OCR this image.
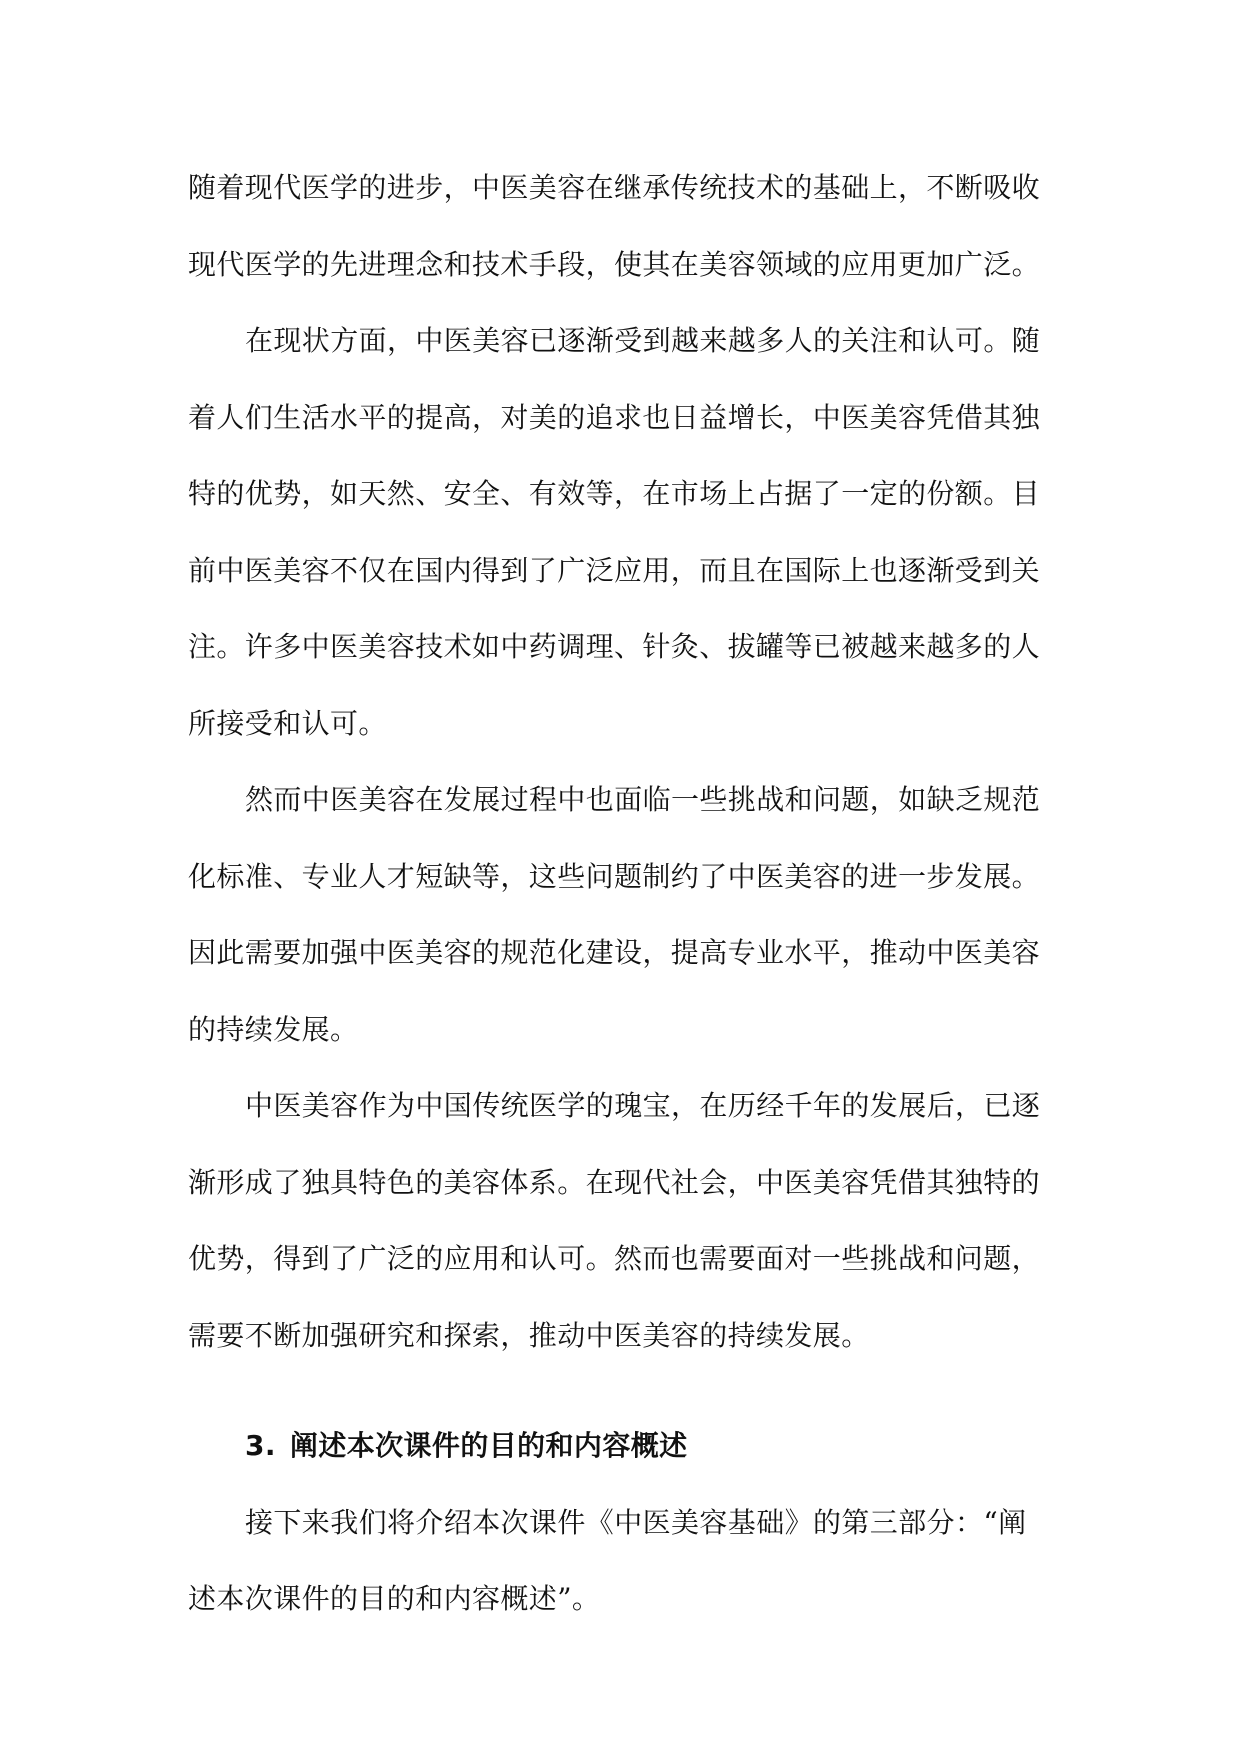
随着现代医学的进步，中医美容在继承传统技术的基础上，不断吸收
现代医学的先进理念和技术手段，使其在美容领域的应用更加广泛。
在现状方面，中医美容已逐渐受到越来越多人的关注和认可。随
着人们生活水平的提高，对美的追求也日益增长，中医美容凭借其独
特的优势，如天然、安全、有效等，在市场上占据了一定的份额。目
前中医美容不仅在国内得到了广泛应用，而且在国际上也逐渐受到关
注。许多中医美容技术如中药调理、针灸、拔罐等已被越来越多的人
所接受和认可。
然而中医美容在发展过程中也面临一些挑战和问题，如缺乏规范
化标准、专业人才短缺等，这些问题制约了中医美容的进一步发展。
因此需要加强中医美容的规范化建设，提高专业水平，推动中医美容
的持续发展。
中医美容作为中国传统医学的瑰宝，在历经千年的发展后，已逐
渐形成了独具特色的美容体系。在现代社会，中医美容凭借其独特的
优势，得到了广泛的应用和认可。然而也需要面对一些挑战和问题，
需要不断加强研究和探索，推动中医美容的持续发展。
3. 阐述本次课件的目的和内容概述
接下来我们将介绍本次课件《中医美容基础》的第三部分：“阐
述本次课件的目的和内容概述”。
